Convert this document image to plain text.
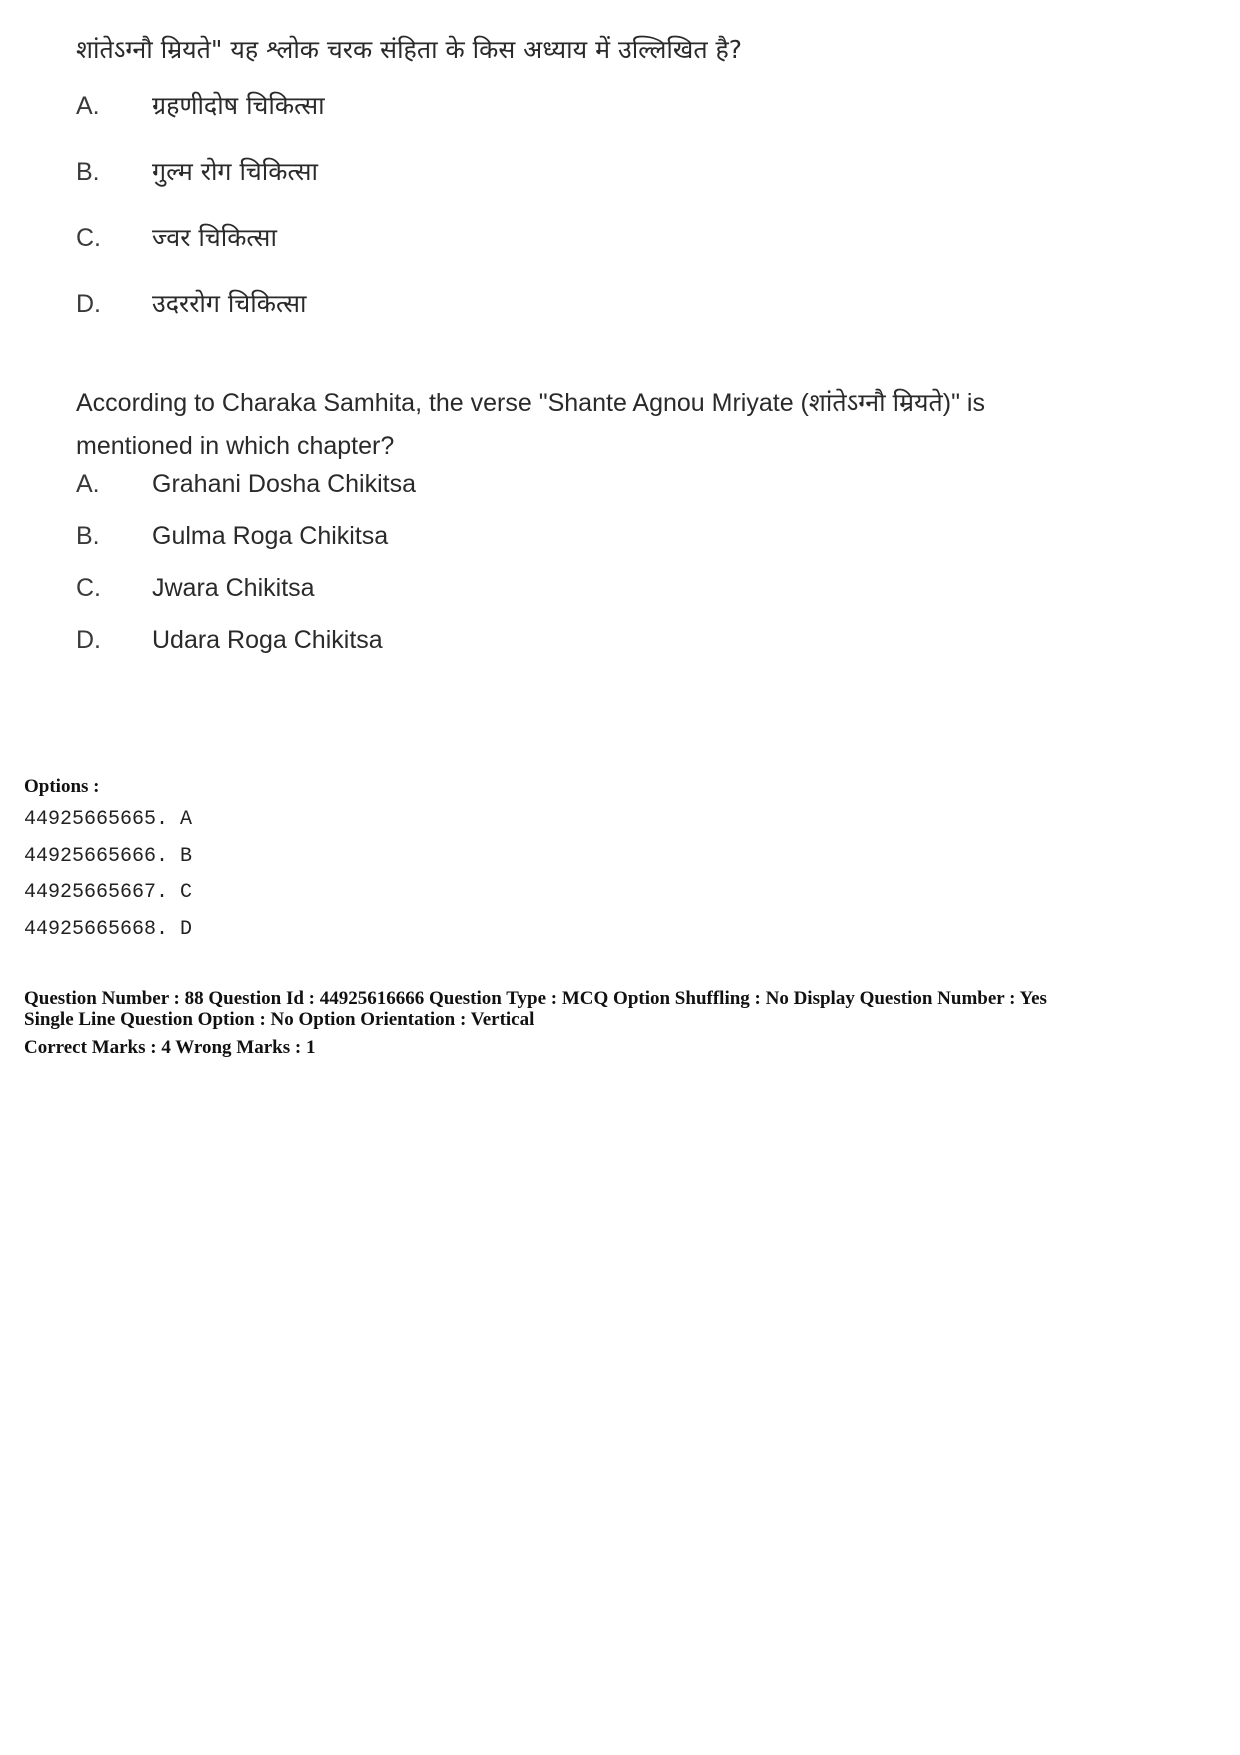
शांतेऽग्नौ म्रियते" यह श्लोक चरक संहिता के किस अध्याय में उल्लिखित है?
A.	ग्रहणीदोष चिकित्सा
B.	गुल्म रोग चिकित्सा
C.	ज्वर चिकित्सा
D.	उदररोग चिकित्सा
According to Charaka Samhita, the verse "Shante Agnou Mriyate (शांतेऽग्नौ म्रियते)" is
mentioned in which chapter?
A.	Grahani Dosha Chikitsa
B.	Gulma Roga Chikitsa
C.	Jwara Chikitsa
D.	Udara Roga Chikitsa
Options :
44925665665. A
44925665666. B
44925665667. C
44925665668. D
Question Number : 88 Question Id : 44925616666 Question Type : MCQ Option Shuffling : No Display Question Number : Yes
Single Line Question Option : No Option Orientation : Vertical
Correct Marks : 4 Wrong Marks : 1
